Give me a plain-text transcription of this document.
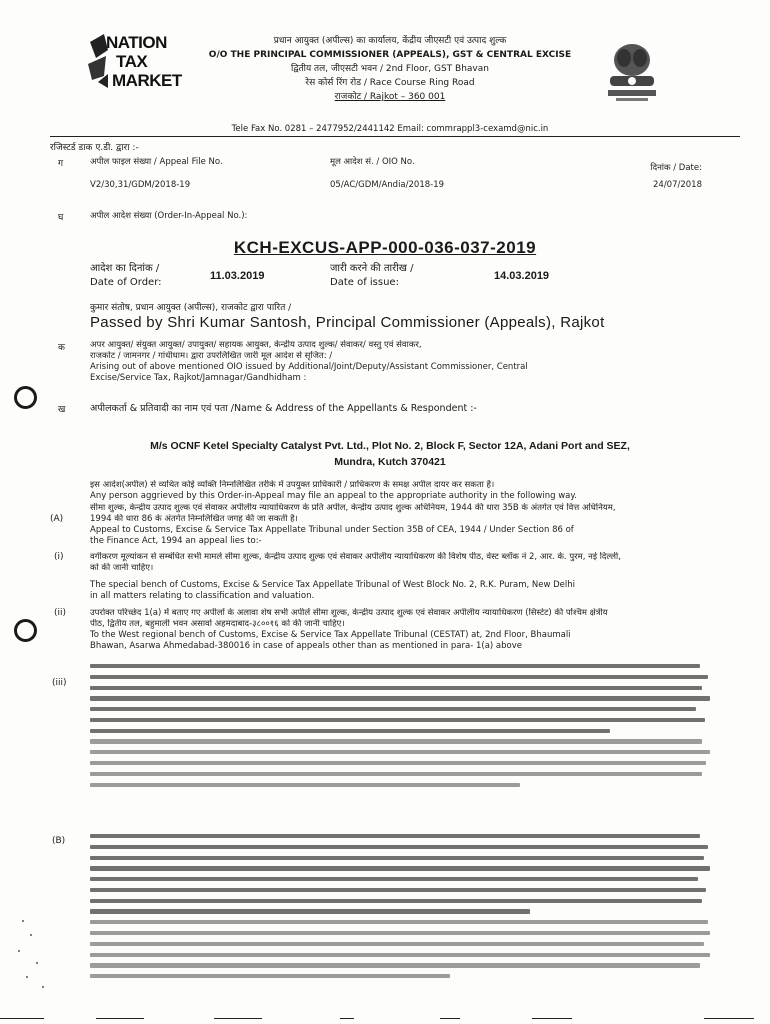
NATION
TAX
MARKET
प्रधान आयुक्त (अपील्स) का कार्यालय, केंद्रीय जीएसटी एवं उत्पाद शुल्क
O/O THE PRINCIPAL COMMISSIONER (APPEALS), GST & CENTRAL EXCISE
द्वितीय तल, जीएसटी भवन / 2nd Floor, GST Bhavan
रेस कोर्स रिंग रोड / Race Course Ring Road
राजकोट / Rajkot – 360 001
Tele Fax No. 0281 – 2477952/2441142 Email: commrappl3-cexamd@nic.in
रजिस्टर्ड डाक ए.डी. द्वारा :-
ग	अपील फाइल संख्या / Appeal File No.
V2/30,31/GDM/2018-19
मूल आदेश सं. / OIO No.
05/AC/GDM/Andia/2018-19
दिनांक / Date:
24/07/2018
घ	अपील आदेश संख्या (Order-In-Appeal No.):
KCH-EXCUS-APP-000-036-037-2019
आदेश का दिनांक /
Date of Order:
11.03.2019
जारी करने की तारीख /
Date of issue:
14.03.2019
कुमार संतोष, प्रधान आयुक्त (अपील्स), राजकोट द्वारा पारित /
Passed by Shri Kumar Santosh, Principal Commissioner (Appeals), Rajkot
क	अपर आयुक्त/ संयुक्त आयुक्त/ उपायुक्त/ सहायक आयुक्त, केन्द्रीय उत्पाद शुल्क/ सेवाकर/ वस्तु एवं सेवाकर,
राजकोट / जामनगर / गांधीधाम। द्वारा उपरलिखित जारी मूल आदेश से सृजित: /
Arising out of above mentioned OIO issued by Additional/Joint/Deputy/Assistant Commissioner, Central
Excise/Service Tax, Rajkot/Jamnagar/Gandhidham :
ख	अपीलकर्ता & प्रतिवादी का नाम एवं पता /Name & Address of the Appellants & Respondent :-
M/s OCNF Ketel Specialty Catalyst Pvt. Ltd., Plot No. 2, Block F, Sector 12A, Adani Port and SEZ,
Mundra, Kutch 370421
इस आदेश(अपील) से व्यथित कोई व्यक्ति निम्नलिखित तरीके में उपयुक्त प्राधिकारी / प्राधिकरण के समक्ष अपील दायर कर सकता है।
Any person aggrieved by this Order-in-Appeal may file an appeal to the appropriate authority in the following way.
(A)
सीमा शुल्क, केन्द्रीय उत्पाद शुल्क एवं सेवाकर अपीलीय न्यायाधिकरण के प्रति अपील, केन्द्रीय उत्पाद शुल्क अधिनियम, 1944 की धारा 35B के अंतर्गत एवं वित्त अधिनियम,
1994 की धारा 86 के अंतर्गत निम्नलिखित जगह की जा सकती है।
Appeal to Customs, Excise & Service Tax Appellate Tribunal under Section 35B of CEA, 1944 / Under Section 86 of
the Finance Act, 1994 an appeal lies to:-
(i)	वर्गीकरण मूल्यांकन से सम्बंधित सभी मामले सीमा शुल्क, केन्द्रीय उत्पाद शुल्क एवं सेवाकर अपीलीय न्यायाधिकरण की विशेष पीठ, वेस्ट ब्लॉक नं 2, आर. के. पुरम, नई दिल्ली,
को की जानी चाहिए।
The special bench of Customs, Excise & Service Tax Appellate Tribunal of West Block No. 2, R.K. Puram, New Delhi
in all matters relating to classification and valuation.
(ii)	उपरोक्त परिच्छेद 1(a) में बताए गए अपीलों के अलावा शेष सभी अपीलें सीमा शुल्क, केन्द्रीय उत्पाद शुल्क एवं सेवाकर अपीलीय न्यायाधिकरण (सिस्टेट) की पश्चिम क्षेत्रीय
पीठ, द्वितीय तल, बहुमाली भवन असार्वा अहमदाबाद-३८००१६ को की जानी चाहिए।
To the West regional bench of Customs, Excise & Service Tax Appellate Tribunal (CESTAT) at, 2nd Floor, Bhaumali
Bhawan, Asarwa Ahmedabad-380016 in case of appeals other than as mentioned in para- 1(a) above
(iii)
(B)
